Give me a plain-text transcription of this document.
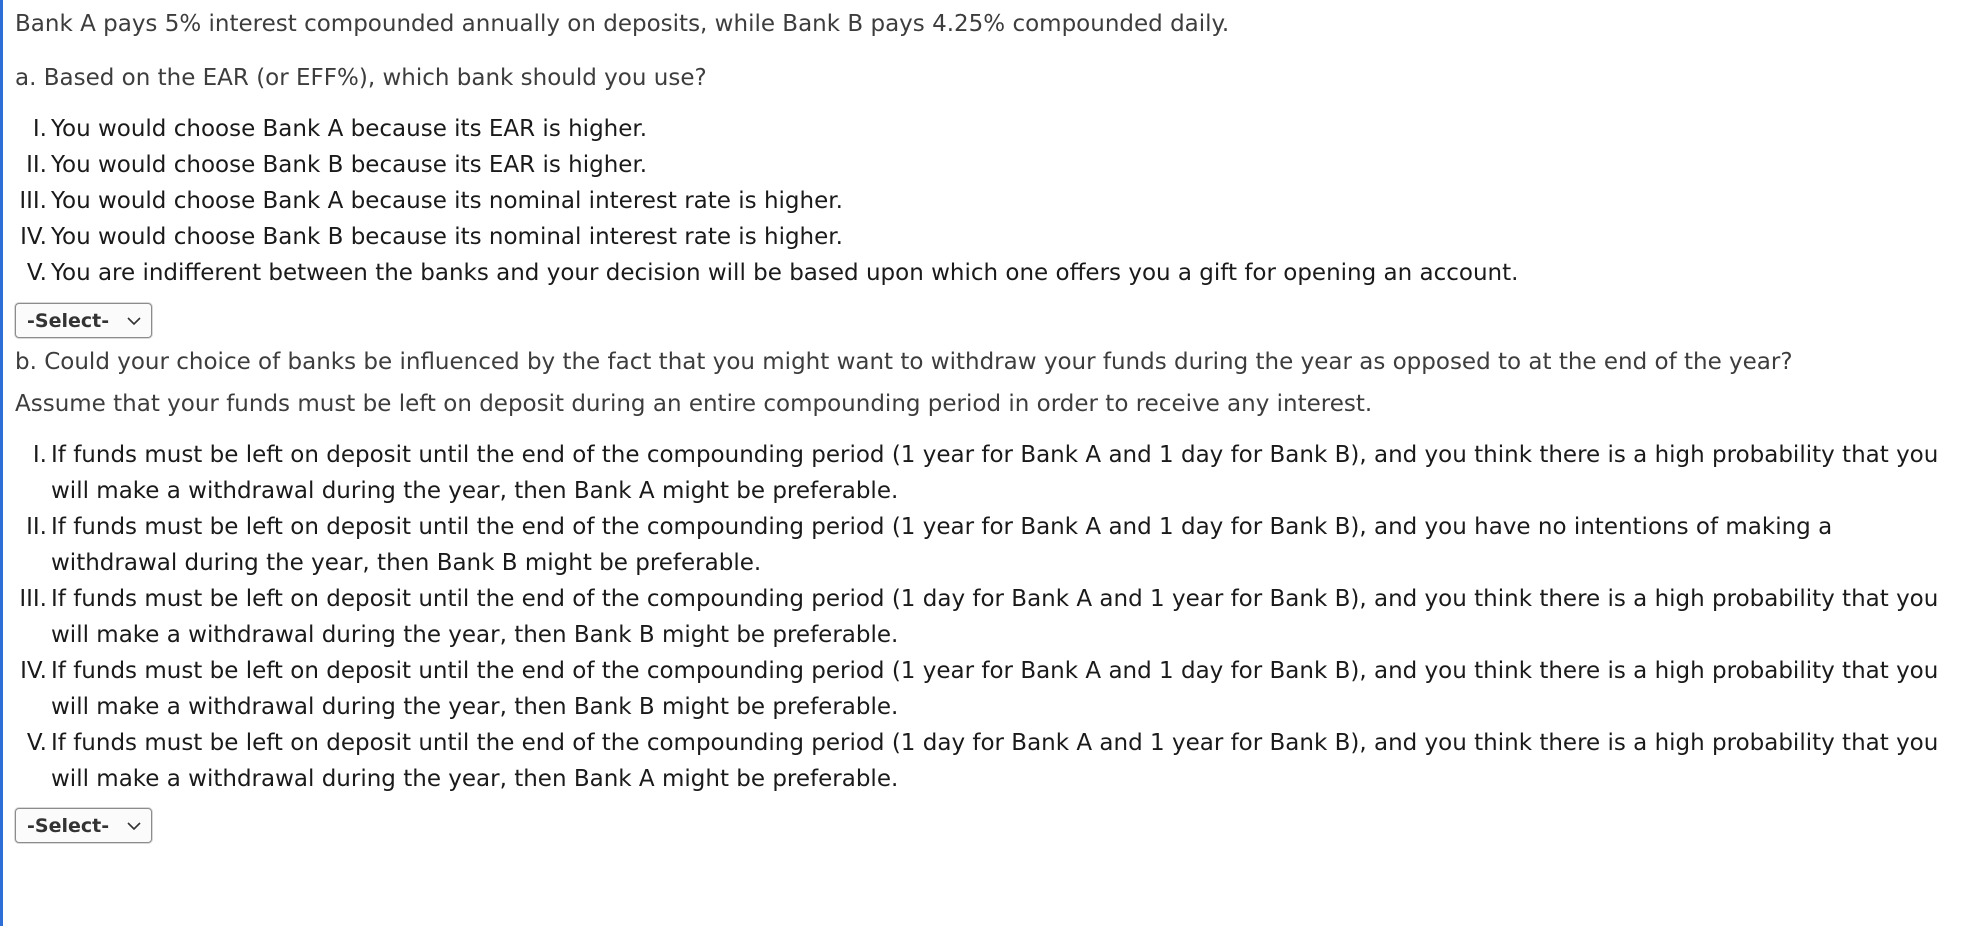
Bank A pays 5% interest compounded annually on deposits, while Bank B pays 4.25% compounded daily.

a. Based on the EAR (or EFF%), which bank should you use?

I. You would choose Bank A because its EAR is higher.
II. You would choose Bank B because its EAR is higher.
III. You would choose Bank A because its nominal interest rate is higher.
IV. You would choose Bank B because its nominal interest rate is higher.
V. You are indifferent between the banks and your decision will be based upon which one offers you a gift for opening an account.
-Select-

b. Could your choice of banks be influenced by the fact that you might want to withdraw your funds during the year as opposed to at the end of the year?

Assume that your funds must be left on deposit during an entire compounding period in order to receive any interest.

I. If funds must be left on deposit until the end of the compounding period (1 year for Bank A and 1 day for Bank B), and you think there is a high probability that you will make a withdrawal during the year, then Bank A might be preferable.
II. If funds must be left on deposit until the end of the compounding period (1 year for Bank A and 1 day for Bank B), and you have no intentions of making a withdrawal during the year, then Bank B might be preferable.
III. If funds must be left on deposit until the end of the compounding period (1 day for Bank A and 1 year for Bank B), and you think there is a high probability that you will make a withdrawal during the year, then Bank B might be preferable.
IV. If funds must be left on deposit until the end of the compounding period (1 year for Bank A and 1 day for Bank B), and you think there is a high probability that you will make a withdrawal during the year, then Bank B might be preferable.
V. If funds must be left on deposit until the end of the compounding period (1 day for Bank A and 1 year for Bank B), and you think there is a high probability that you will make a withdrawal during the year, then Bank A might be preferable.
-Select-
